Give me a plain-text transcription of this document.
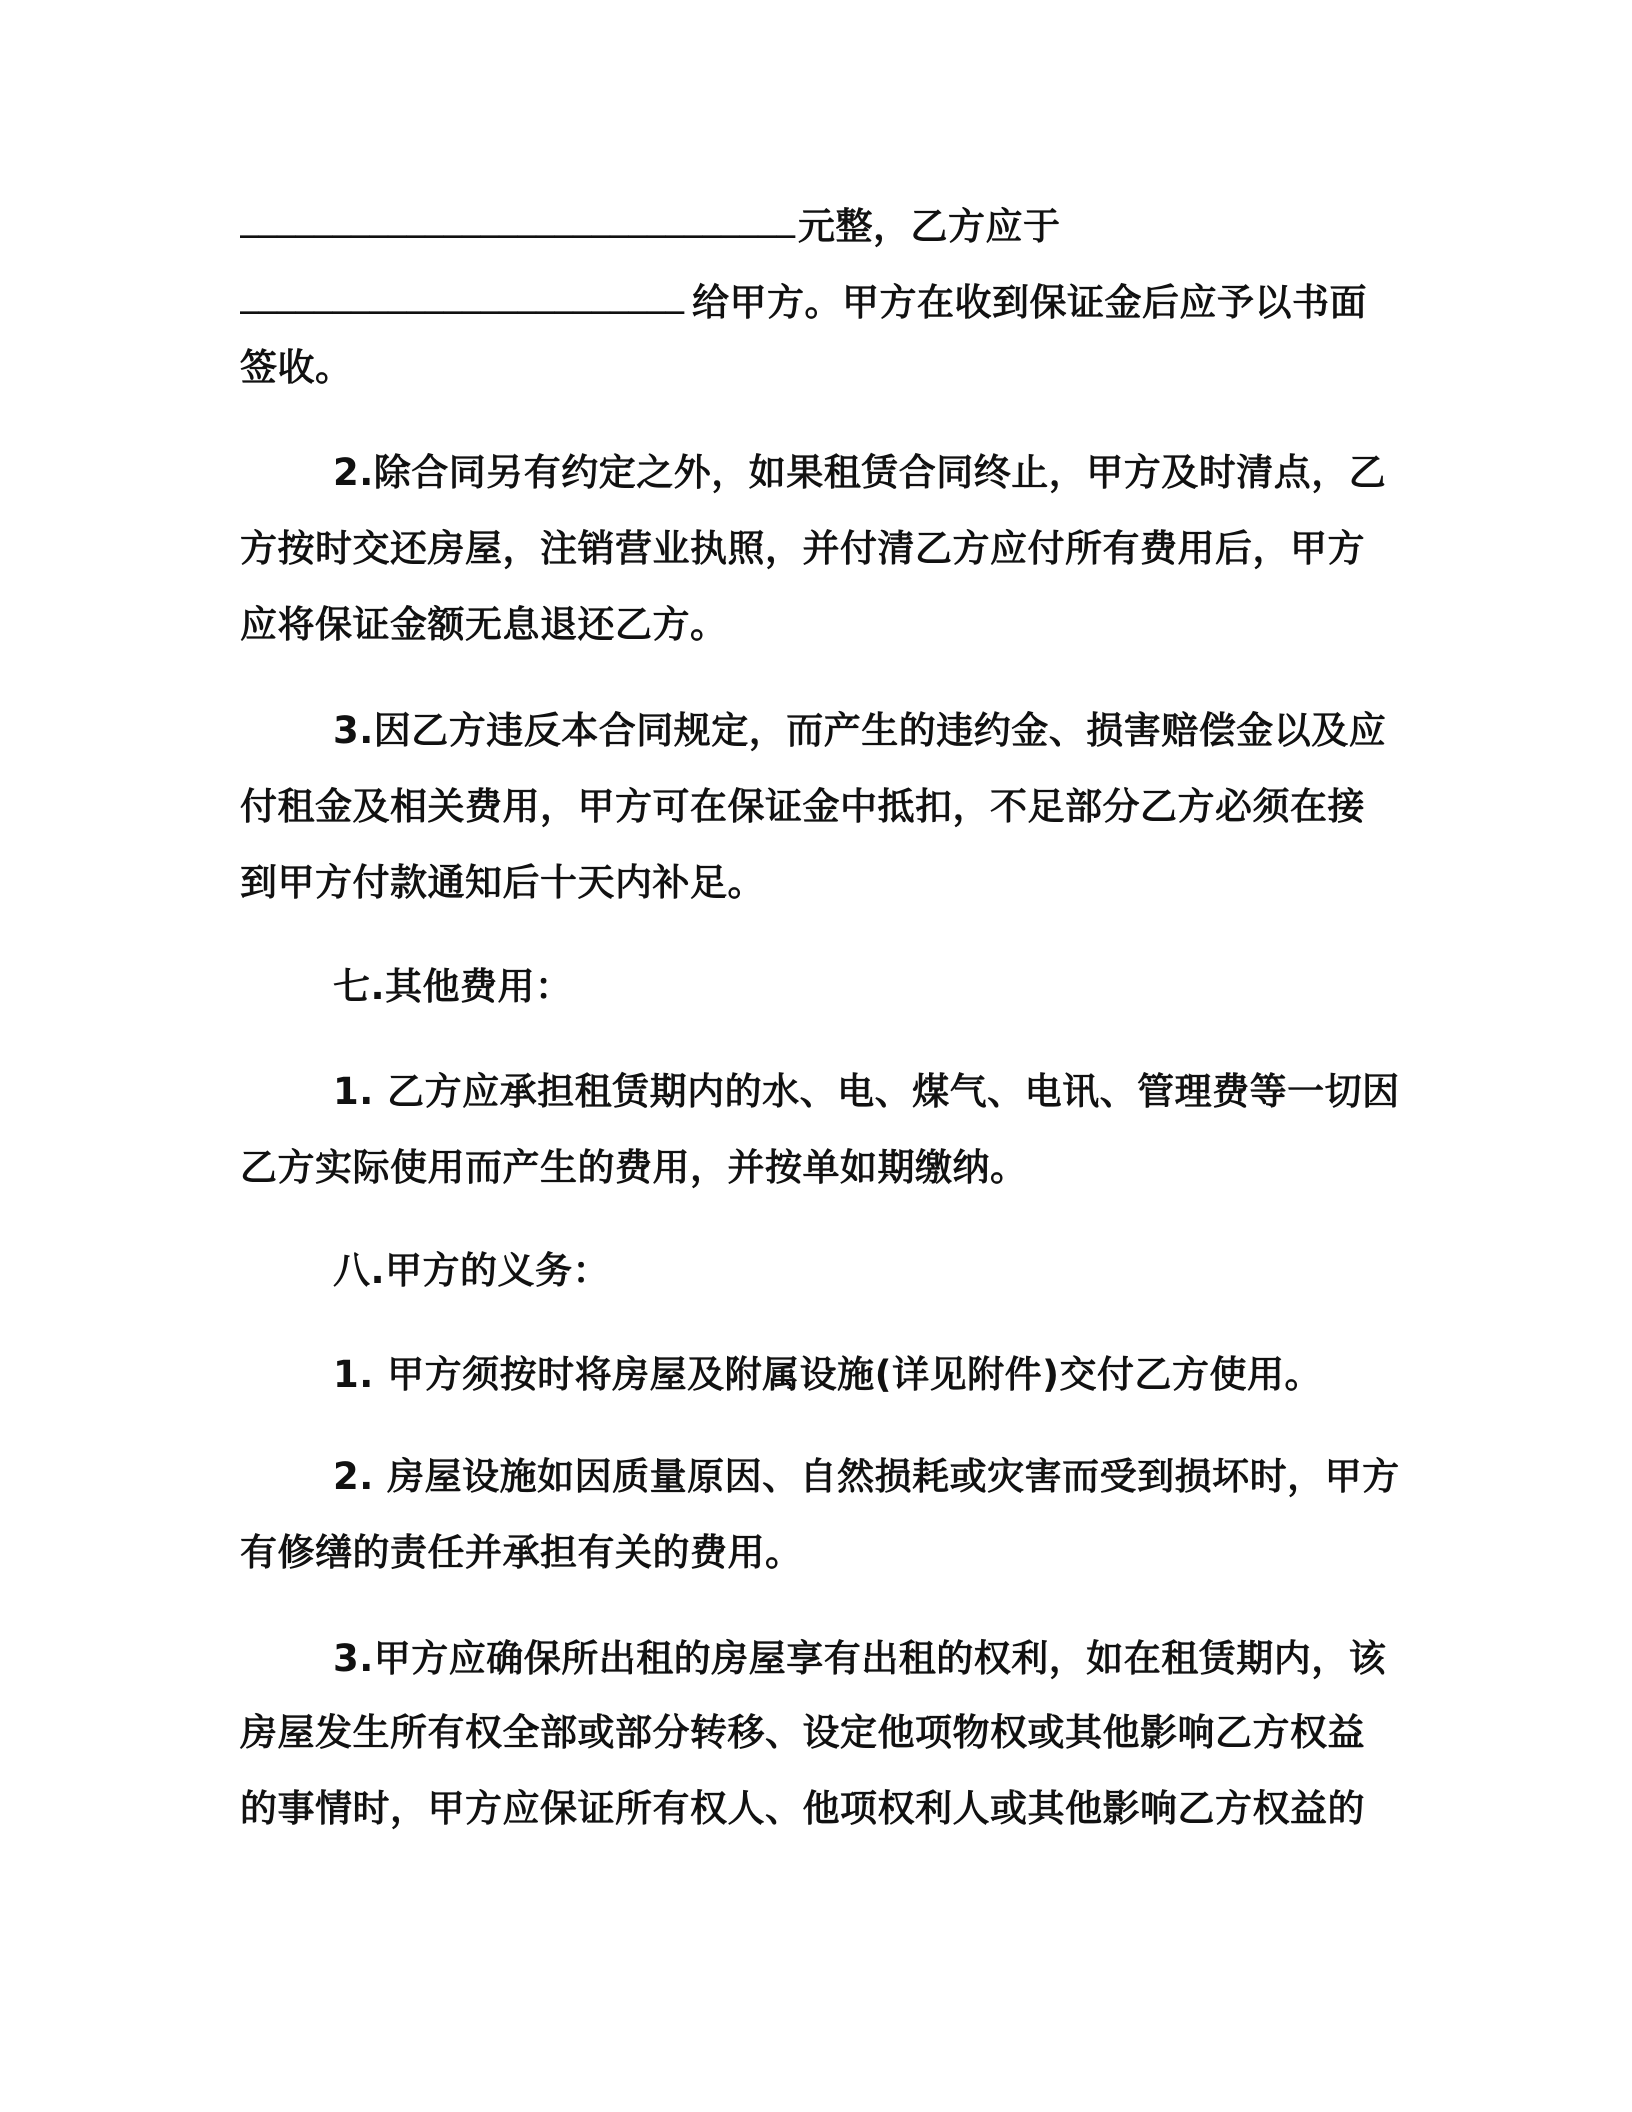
______________________________元整，乙方应于
________________________ 给甲方。甲方在收到保证金后应予以书面
签收。
2.除合同另有约定之外，如果租赁合同终止，甲方及时清点，乙
方按时交还房屋，注销营业执照，并付清乙方应付所有费用后，甲方
应将保证金额无息退还乙方。
3.因乙方违反本合同规定，而产生的违约金、损害赔偿金以及应
付租金及相关费用，甲方可在保证金中抵扣，不足部分乙方必须在接
到甲方付款通知后十天内补足。
七.其他费用：
1. 乙方应承担租赁期内的水、电、煤气、电讯、管理费等一切因
乙方实际使用而产生的费用，并按单如期缴纳。
八.甲方的义务：
1. 甲方须按时将房屋及附属设施(详见附件)交付乙方使用。
2. 房屋设施如因质量原因、自然损耗或灾害而受到损坏时，甲方
有修缮的责任并承担有关的费用。
3.甲方应确保所出租的房屋享有出租的权利，如在租赁期内，该
房屋发生所有权全部或部分转移、设定他项物权或其他影响乙方权益
的事情时，甲方应保证所有权人、他项权利人或其他影响乙方权益的
